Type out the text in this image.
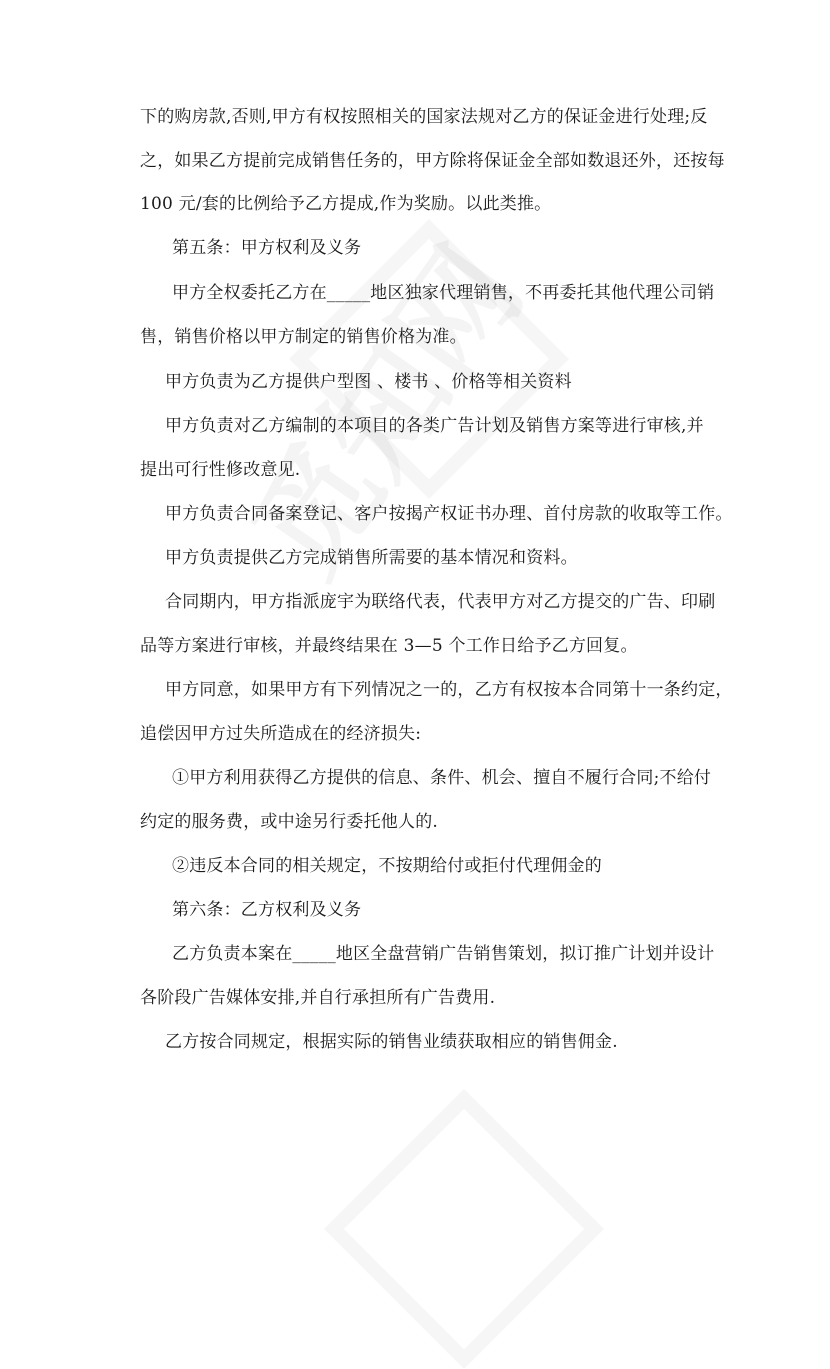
下的购房款,否则,甲方有权按照相关的国家法规对乙方的保证金进行处理;反
之，如果乙方提前完成销售任务的，甲方除将保证金全部如数退还外，还按每
100 元/套的比例给予乙方提成,作为奖励。以此类推。
第五条：甲方权利及义务
甲方全权委托乙方在_____地区独家代理销售，不再委托其他代理公司销
售，销售价格以甲方制定的销售价格为准。
甲方负责为乙方提供户型图 、楼书 、价格等相关资料
甲方负责对乙方编制的本项目的各类广告计划及销售方案等进行审核,并
提出可行性修改意见.
甲方负责合同备案登记、客户按揭产权证书办理、首付房款的收取等工作。
甲方负责提供乙方完成销售所需要的基本情况和资料。
合同期内，甲方指派庞宇为联络代表，代表甲方对乙方提交的广告、印刷
品等方案进行审核，并最终结果在 3—5 个工作日给予乙方回复。
甲方同意，如果甲方有下列情况之一的，乙方有权按本合同第十一条约定，
追偿因甲方过失所造成在的经济损失:
①甲方利用获得乙方提供的信息、条件、机会、擅自不履行合同;不给付
约定的服务费，或中途另行委托他人的.
②违反本合同的相关规定，不按期给付或拒付代理佣金的
第六条：乙方权利及义务
乙方负责本案在_____地区全盘营销广告销售策划，拟订推广计划并设计
各阶段广告媒体安排,并自行承担所有广告费用.
乙方按合同规定，根据实际的销售业绩获取相应的销售佣金.
